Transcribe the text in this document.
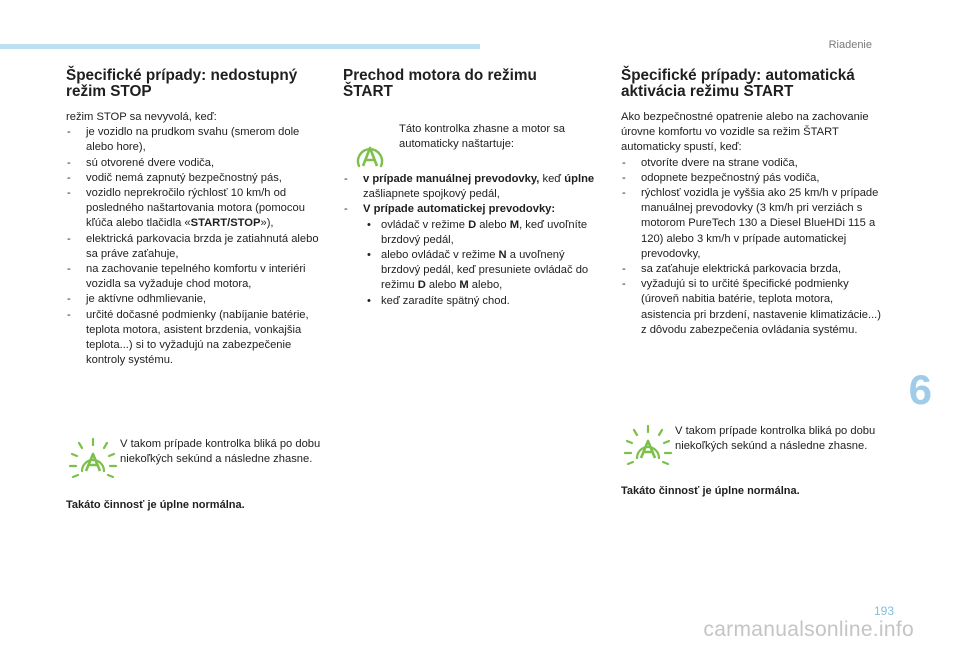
Riadenie
6
Špecifické prípady: nedostupný
režim STOP

režim STOP sa nevyvolá, keď:

- je vozidlo na prudkom svahu (smerom dole alebo hore),
- sú otvorené dvere vodiča,
- vodič nemá zapnutý bezpečnostný pás,
- vozidlo neprekročilo rýchlosť 10 km/h od posledného naštartovania motora (pomocou kľúča alebo tlačidla «START/STOP»),
- elektrická parkovacia brzda je zatiahnutá alebo sa práve zaťahuje,
- na zachovanie tepelného komfortu v interiéri vozidla sa vyžaduje chod motora,
- je aktívne odhmlievanie,
- určité dočasné podmienky (nabíjanie batérie, teplota motora, asistent brzdenia, vonkajšia teplota...) si to vyžadujú na zabezpečenie kontroly systému.
V takom prípade kontrolka bliká po dobu niekoľkých sekúnd a následne zhasne.
Takáto činnosť je úplne normálna.
Prechod motora do režimu
ŠTART
Táto kontrolka zhasne a motor sa automaticky naštartuje:
- v prípade manuálnej prevodovky, keď úplne zašliapnete spojkový pedál,
- V prípade automatickej prevodovky:
• ovládač v režime D alebo M, keď uvoľníte brzdový pedál,
• alebo ovládač v režime N a uvoľnený brzdový pedál, keď presuniete ovládač do režimu D alebo M alebo,
• keď zaradíte spätný chod.
Špecifické prípady: automatická
aktivácia režimu ŠTART

Ako bezpečnostné opatrenie alebo na zachovanie úrovne komfortu vo vozidle sa režim ŠTART automaticky spustí, keď:

- otvoríte dvere na strane vodiča,
- odopnete bezpečnostný pás vodiča,
- rýchlosť vozidla je vyššia ako 25 km/h v prípade manuálnej prevodovky (3 km/h pri verziách s motorom PureTech 130 a Diesel BlueHDi 115 a 120) alebo 3 km/h v prípade automatickej prevodovky,
- sa zaťahuje elektrická parkovacia brzda,
- vyžadujú si to určité špecifické podmienky (úroveň nabitia batérie, teplota motora, asistencia pri brzdení, nastavenie klimatizácie...) z dôvodu zabezpečenia ovládania systému.
V takom prípade kontrolka bliká po dobu niekoľkých sekúnd a následne zhasne.
Takáto činnosť je úplne normálna.
193
carmanualsonline.info
